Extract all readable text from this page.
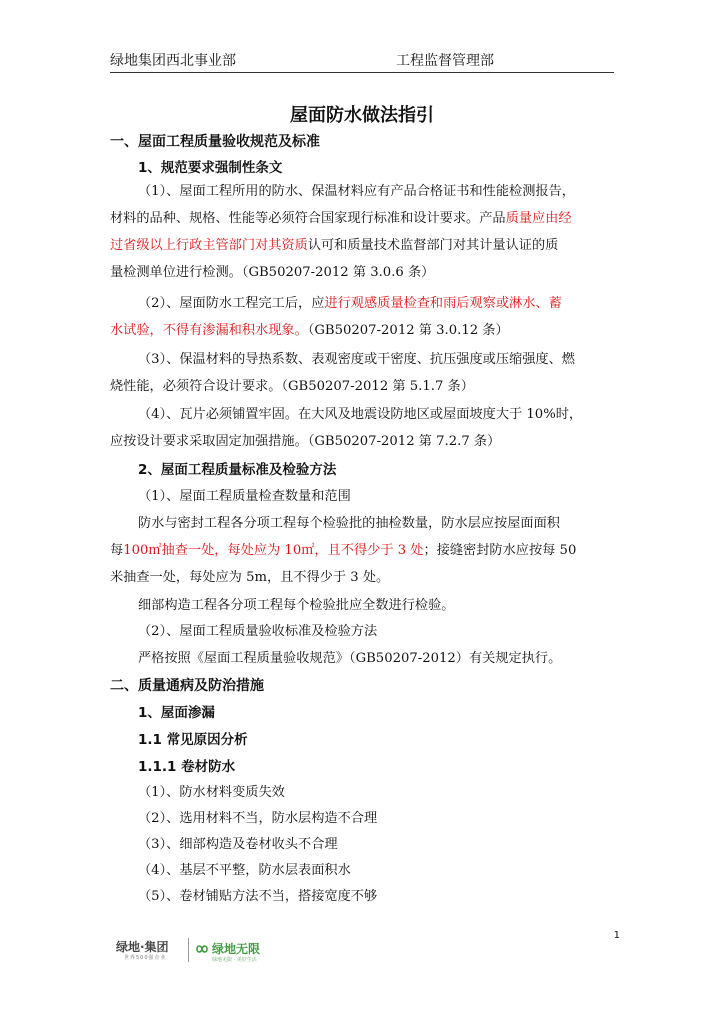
绿地集团西北事业部	工程监督管理部
屋面防水做法指引
一、屋面工程质量验收规范及标准
1、规范要求强制性条文
（1）、屋面工程所用的防水、保温材料应有产品合格证书和性能检测报告，
材料的品种、规格、性能等必须符合国家现行标准和设计要求。产品质量应由经
过省级以上行政主管部门对其资质认可和质量技术监督部门对其计量认证的质
量检测单位进行检测。（GB50207-2012 第 3.0.6 条）
（2）、屋面防水工程完工后，应进行观感质量检查和雨后观察或淋水、蓄
水试验，不得有渗漏和积水现象。（GB50207-2012 第 3.0.12 条）
（3）、保温材料的导热系数、表观密度或干密度、抗压强度或压缩强度、燃
烧性能，必须符合设计要求。（GB50207-2012 第 5.1.7 条）
（4）、瓦片必须铺置牢固。在大风及地震设防地区或屋面坡度大于 10%时，
应按设计要求采取固定加强措施。（GB50207-2012 第 7.2.7 条）
2、屋面工程质量标准及检验方法
（1）、屋面工程质量检查数量和范围
防水与密封工程各分项工程每个检验批的抽检数量，防水层应按屋面面积
每100㎡抽查一处，每处应为 10㎡，且不得少于 3 处；接缝密封防水应按每 50
米抽查一处，每处应为 5m，且不得少于 3 处。
细部构造工程各分项工程每个检验批应全数进行检验。
（2）、屋面工程质量验收标准及检验方法
严格按照《屋面工程质量验收规范》（GB50207-2012）有关规定执行。
二、质量通病及防治措施
1、屋面渗漏
1.1 常见原因分析
1.1.1 卷材防水
（1）、防水材料变质失效
（2）、选用材料不当，防水层构造不合理
（3）、细部构造及卷材收头不合理
（4）、基层不平整，防水层表面积水
（5）、卷材铺贴方法不当，搭接宽度不够
1
绿地·集团
世界500强企业
绿地无限
绿地无限 · 美好生活
